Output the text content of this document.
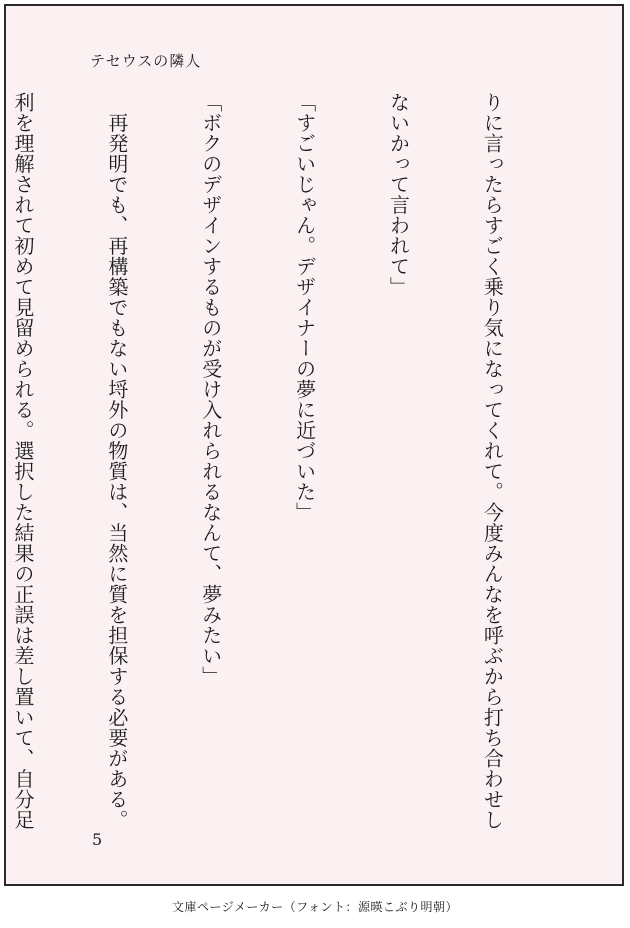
テセウスの隣人

りに言ったらすごく乗り気になってくれて。今度みんなを呼ぶから打ち合わせし

ないかって言われて」

「すごいじゃん。デザイナーの夢に近づいた」

「ボクのデザインするものが受け入れられるなんて、夢みたい」

　再発明でも、再構築でもない埒外の物質は、当然に質を担保する必要がある。

利を理解されて初めて見留められる。選択した結果の正誤は差し置いて、自分足

5
文庫ページメーカー（フォント：源暎こぶり明朝）
